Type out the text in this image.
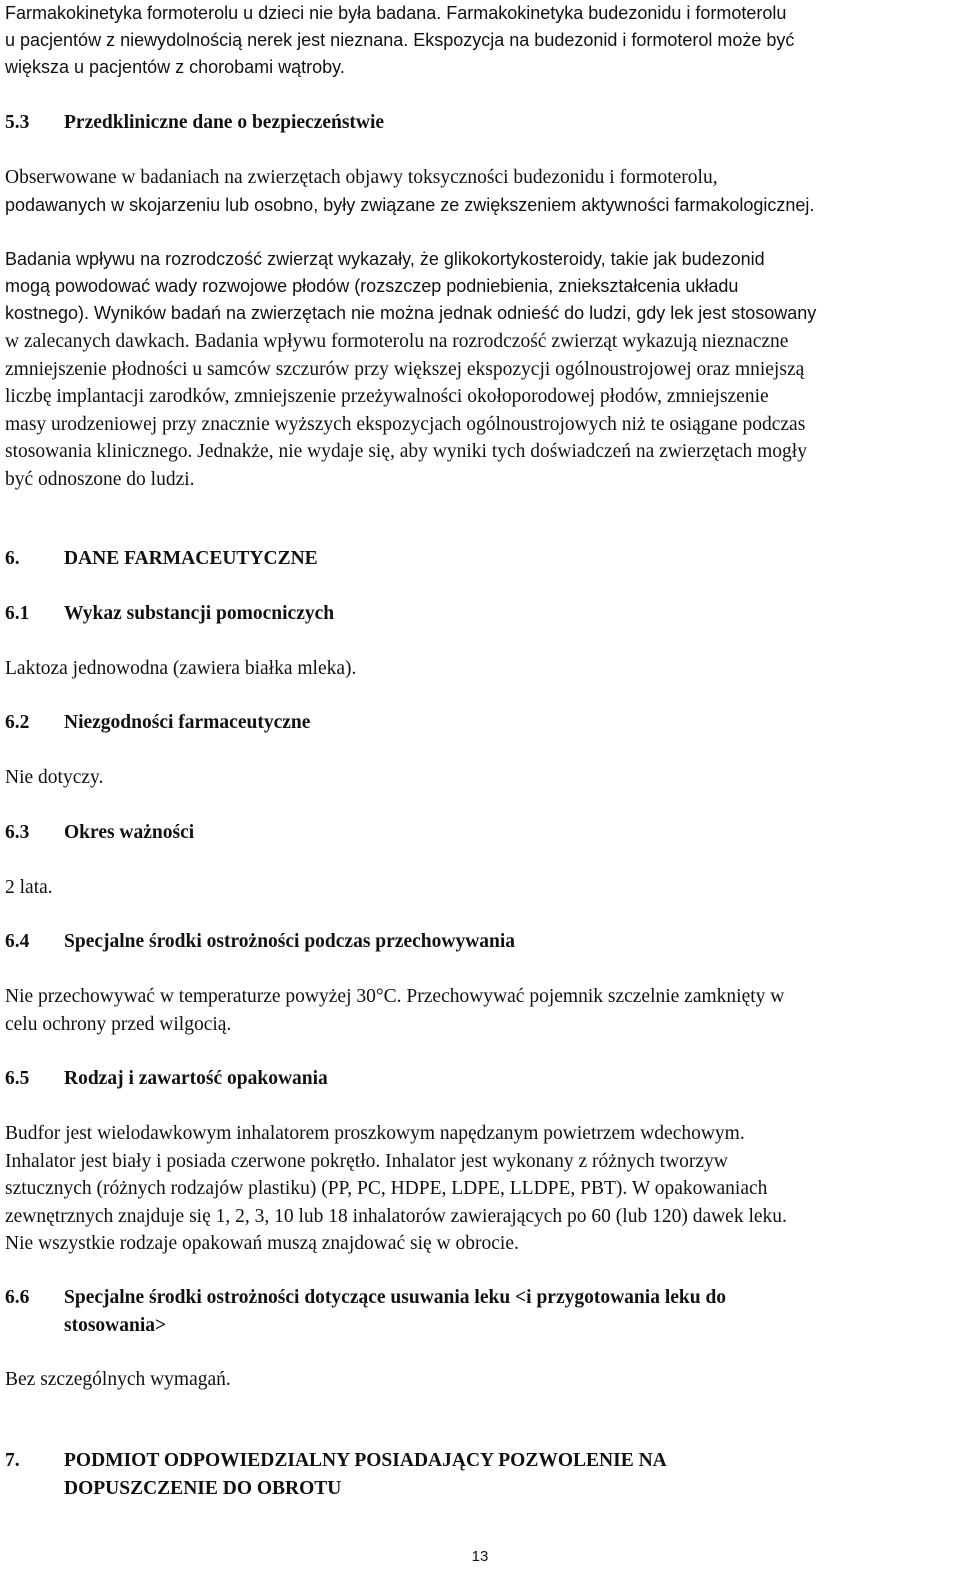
Farmakokinetyka formoterolu u dzieci nie była badana. Farmakokinetyka budezonidu i formoterolu
u pacjentów z niewydolnością nerek jest nieznana. Ekspozycja na budezonid i formoterol może być
większa u pacjentów z chorobami wątroby.

5.3	Przedkliniczne dane o bezpieczeństwie

Obserwowane w badaniach na zwierzętach objawy toksyczności budezonidu i formoterolu,

podawanych w skojarzeniu lub osobno, były związane ze zwiększeniem aktywności farmakologicznej.

Badania wpływu na rozrodczość zwierząt wykazały, że glikokortykosteroidy, takie jak budezonid
mogą powodować wady rozwojowe płodów (rozszczep podniebienia, zniekształcenia układu
kostnego). Wyników badań na zwierzętach nie można jednak odnieść do ludzi, gdy lek jest stosowany

w zalecanych dawkach. Badania wpływu formoterolu na rozrodczość zwierząt wykazują nieznaczne
zmniejszenie płodności u samców szczurów przy większej ekspozycji ogólnoustrojowej oraz mniejszą
liczbę implantacji zarodków, zmniejszenie przeżywalności okołoporodowej płodów, zmniejszenie
masy urodzeniowej przy znacznie wyższych ekspozycjach ogólnoustrojowych niż te osiągane podczas
stosowania klinicznego. Jednakże, nie wydaje się, aby wyniki tych doświadczeń na zwierzętach mogły
być odnoszone do ludzi.

6.	DANE FARMACEUTYCZNE
6.1	Wykaz substancji pomocniczych

Laktoza jednowodna (zawiera białka mleka).

6.2	Niezgodności farmaceutyczne

Nie dotyczy.

6.3	Okres ważności

2 lata.

6.4	Specjalne środki ostrożności podczas przechowywania

Nie przechowywać w temperaturze powyżej 30°C. Przechowywać pojemnik szczelnie zamknięty w
celu ochrony przed wilgocią.

6.5	Rodzaj i zawartość opakowania

Budfor jest wielodawkowym inhalatorem proszkowym napędzanym powietrzem wdechowym.
Inhalator jest biały i posiada czerwone pokrętło. Inhalator jest wykonany z różnych tworzyw
sztucznych (różnych rodzajów plastiku) (PP, PC, HDPE, LDPE, LLDPE, PBT). W opakowaniach
zewnętrznych znajduje się 1, 2, 3, 10 lub 18 inhalatorów zawierających po 60 (lub 120) dawek leku.
Nie wszystkie rodzaje opakowań muszą znajdować się w obrocie.

6.6	Specjalne środki ostrożności dotyczące usuwania leku <i przygotowania leku do
stosowania>

Bez szczególnych wymagań.

7.	PODMIOT ODPOWIEDZIALNY POSIADAJĄCY POZWOLENIE NA
DOPUSZCZENIE DO OBROTU
13
